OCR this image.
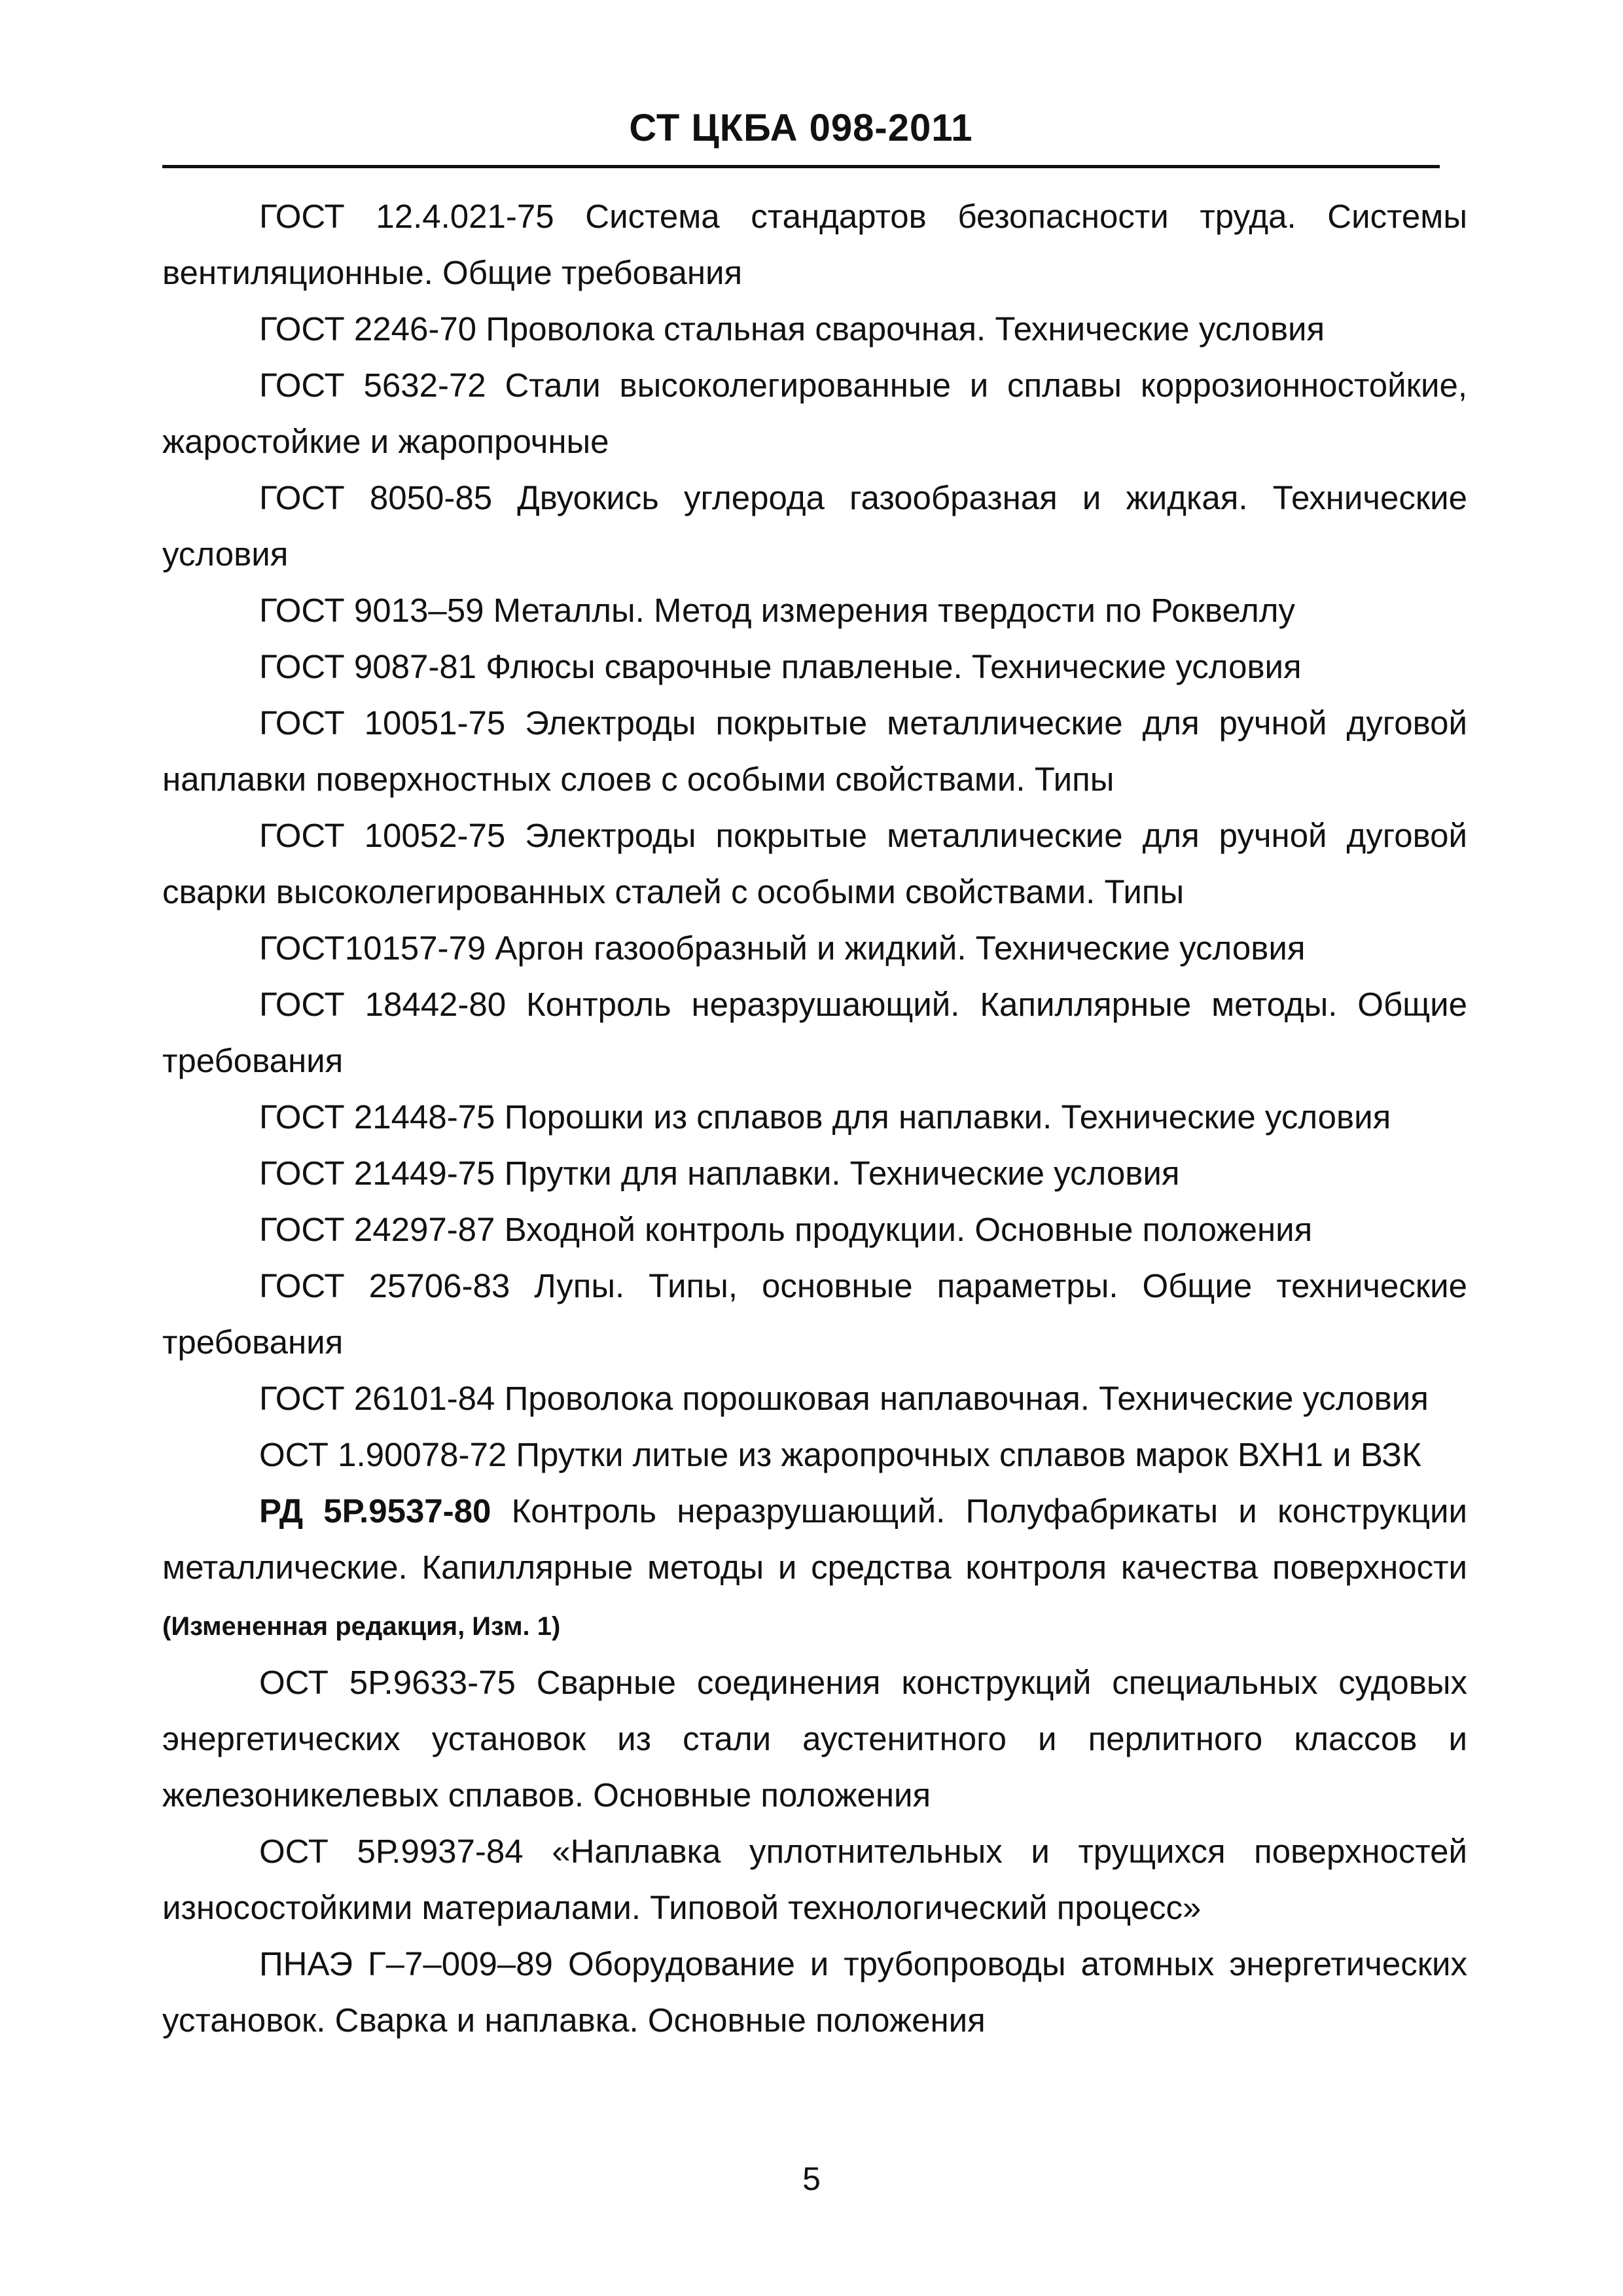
СТ ЦКБА 098-2011

ГОСТ 12.4.021-75 Система стандартов безопасности труда. Системы вентиляционные. Общие требования

ГОСТ 2246-70 Проволока стальная сварочная. Технические условия

ГОСТ 5632-72 Стали высоколегированные и сплавы коррозионностойкие, жаростойкие и жаропрочные

ГОСТ 8050-85 Двуокись углерода газообразная и жидкая. Технические условия

ГОСТ 9013–59 Металлы. Метод измерения твердости по Роквеллу

ГОСТ 9087-81 Флюсы сварочные плавленые. Технические условия

ГОСТ 10051-75 Электроды покрытые металлические для ручной дуговой наплавки поверхностных слоев с особыми свойствами. Типы

ГОСТ 10052-75 Электроды покрытые металлические для ручной дуговой сварки высоколегированных сталей с особыми свойствами. Типы

ГОСТ10157-79 Аргон газообразный и жидкий. Технические условия

ГОСТ 18442-80 Контроль неразрушающий. Капиллярные методы. Общие требования

ГОСТ 21448-75 Порошки из сплавов для наплавки. Технические условия

ГОСТ 21449-75 Прутки для наплавки. Технические условия

ГОСТ 24297-87 Входной контроль продукции. Основные положения

ГОСТ 25706-83 Лупы. Типы, основные параметры. Общие технические требования

ГОСТ 26101-84 Проволока порошковая наплавочная. Технические условия

ОСТ 1.90078-72 Прутки литые из жаропрочных сплавов марок ВХН1 и ВЗК

РД 5Р.9537-80 Контроль неразрушающий. Полуфабрикаты и конструкции металлические. Капиллярные методы и средства контроля качества поверхности (Измененная редакция, Изм. 1)

ОСТ 5Р.9633-75 Сварные соединения конструкций специальных судовых энергетических установок из стали аустенитного и перлитного классов и железоникелевых сплавов. Основные положения

ОСТ 5Р.9937-84 «Наплавка уплотнительных и трущихся поверхностей износостойкими материалами. Типовой технологический процесс»

ПНАЭ Г–7–009–89 Оборудование и трубопроводы атомных энергетических установок. Сварка и наплавка. Основные положения

5
